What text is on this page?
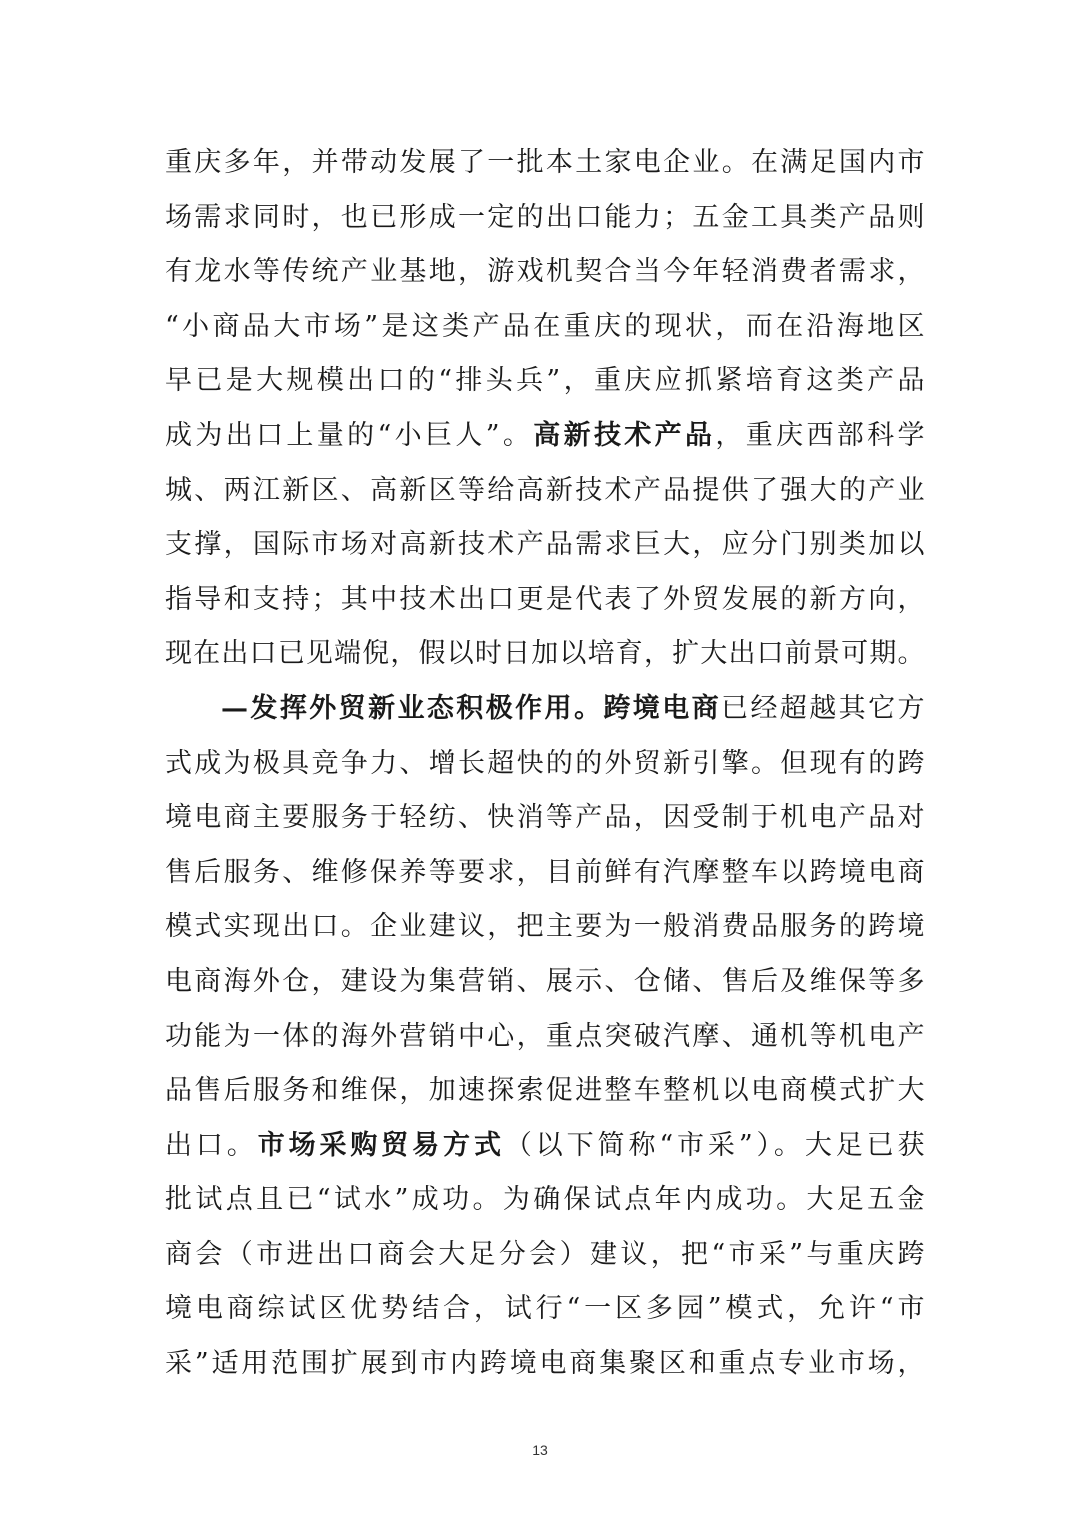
重庆多年，并带动发展了一批本土家电企业。在满足国内市
场需求同时，也已形成一定的出口能力；五金工具类产品则
有龙水等传统产业基地，游戏机契合当今年轻消费者需求，
“小商品大市场”是这类产品在重庆的现状，而在沿海地区
早已是大规模出口的“排头兵”，重庆应抓紧培育这类产品
成为出口上量的“小巨人”。高新技术产品，重庆西部科学
城、两江新区、高新区等给高新技术产品提供了强大的产业
支撑，国际市场对高新技术产品需求巨大，应分门别类加以
指导和支持；其中技术出口更是代表了外贸发展的新方向，
现在出口已见端倪，假以时日加以培育，扩大出口前景可期。
—发挥外贸新业态积极作用。跨境电商已经超越其它方
式成为极具竞争力、增长超快的的外贸新引擎。但现有的跨
境电商主要服务于轻纺、快消等产品，因受制于机电产品对
售后服务、维修保养等要求，目前鲜有汽摩整车以跨境电商
模式实现出口。企业建议，把主要为一般消费品服务的跨境
电商海外仓，建设为集营销、展示、仓储、售后及维保等多
功能为一体的海外营销中心，重点突破汽摩、通机等机电产
品售后服务和维保，加速探索促进整车整机以电商模式扩大
出口。市场采购贸易方式（以下简称“市采”）。大足已获
批试点且已“试水”成功。为确保试点年内成功。大足五金
商会（市进出口商会大足分会）建议，把“市采”与重庆跨
境电商综试区优势结合，试行“一区多园”模式，允许“市
采”适用范围扩展到市内跨境电商集聚区和重点专业市场，
13
